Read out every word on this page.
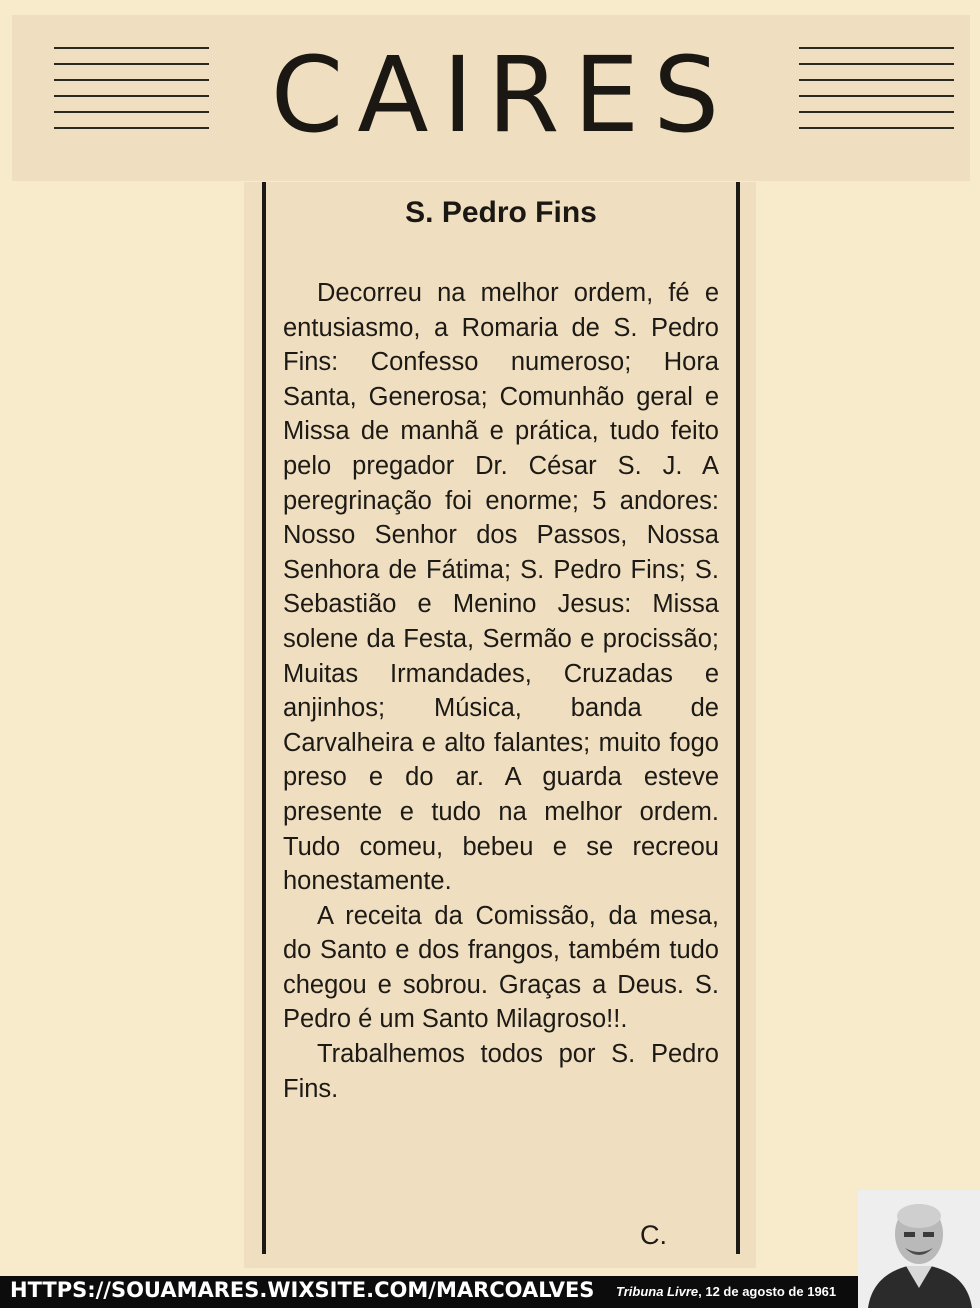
CAIRES
S. Pedro Fins

Decorreu na melhor ordem, fé e entusiasmo, a Romaria de S. Pedro Fins: Confesso numeroso; Hora Santa, Generosa; Comunhão geral e Missa de manhã e prática, tudo feito pelo pregador Dr. César S. J. A peregrinação foi enorme; 5 andores: Nosso Senhor dos Passos, Nossa Senhora de Fátima; S. Pedro Fins; S. Sebastião e Menino Jesus: Missa solene da Festa, Sermão e procissão; Muitas Irmandades, Cruzadas e anjinhos; Música, banda de Carvalheira e alto falantes; muito fogo preso e do ar. A guarda esteve presente e tudo na melhor ordem. Tudo comeu, bebeu e se recreou honestamente.

A receita da Comissão, da mesa, do Santo e dos frangos, também tudo chegou e sobrou. Graças a Deus. S. Pedro é um Santo Milagroso!!.

Trabalhemos todos por S. Pedro Fins.

C.
HTTPS://SOUAMARES.WIXSITE.COM/MARCOALVES Tribuna Livre, 12 de agosto de 1961
